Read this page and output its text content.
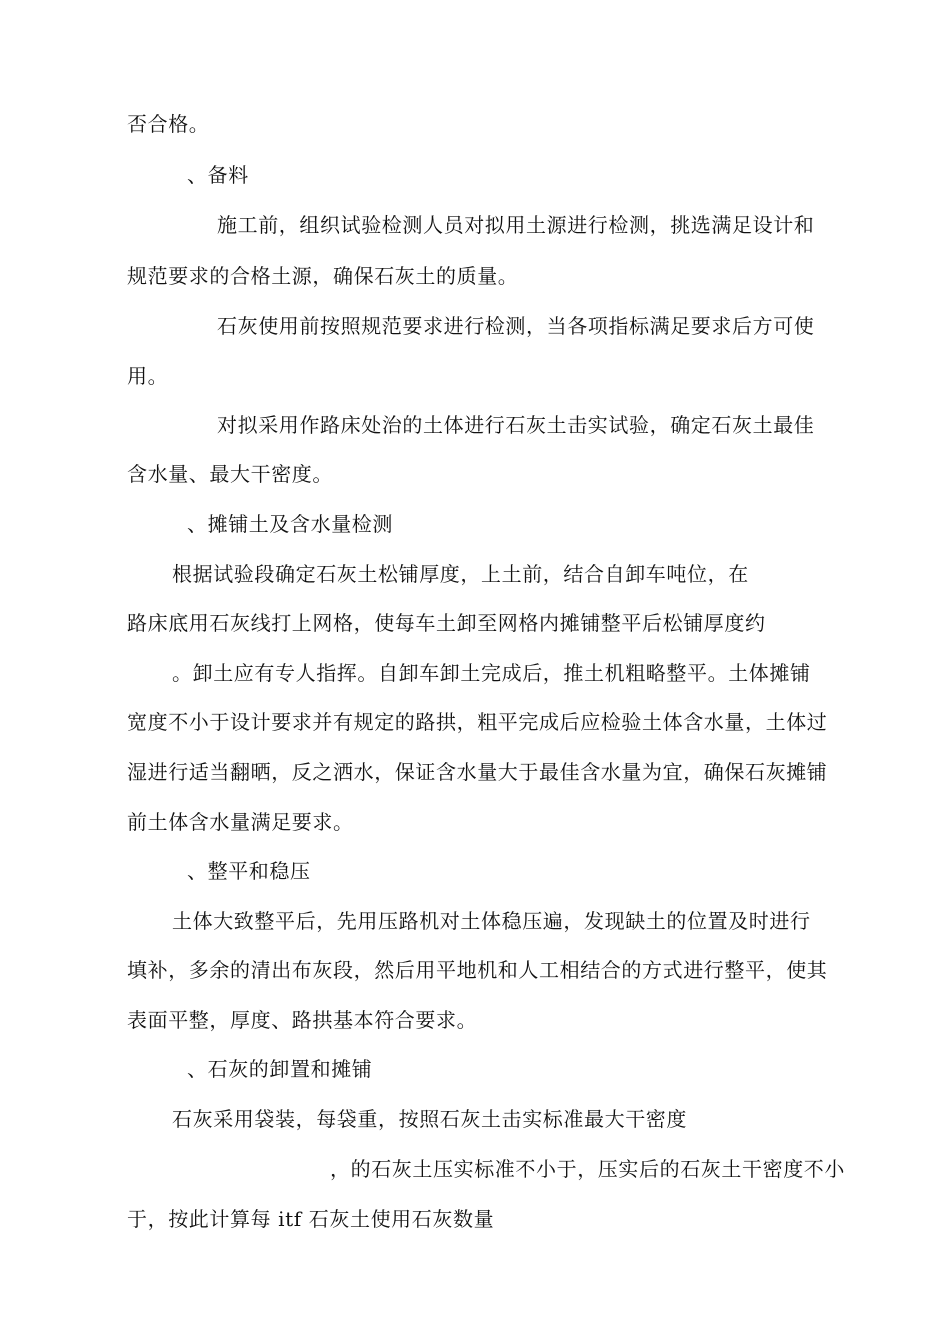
否合格。
、备料
施工前，组织试验检测人员对拟用土源进行检测，挑选满足设计和
规范要求的合格土源，确保石灰土的质量。
石灰使用前按照规范要求进行检测，当各项指标满足要求后方可使
用。
对拟采用作路床处治的土体进行石灰土击实试验，确定石灰土最佳
含水量、最大干密度。
、摊铺土及含水量检测
根据试验段确定石灰土松铺厚度，上土前，结合自卸车吨位，在
路床底用石灰线打上网格，使每车土卸至网格内摊铺整平后松铺厚度约
。卸土应有专人指挥。自卸车卸土完成后，推土机粗略整平。土体摊铺
宽度不小于设计要求并有规定的路拱，粗平完成后应检验土体含水量，土体过
湿进行适当翻晒，反之洒水，保证含水量大于最佳含水量为宜，确保石灰摊铺
前土体含水量满足要求。
、整平和稳压
土体大致整平后，先用压路机对土体稳压遍，发现缺土的位置及时进行
填补，多余的清出布灰段，然后用平地机和人工相结合的方式进行整平，使其
表面平整，厚度、路拱基本符合要求。
、石灰的卸置和摊铺
石灰采用袋装，每袋重，按照石灰土击实标准最大干密度
，的石灰土压实标准不小于，压实后的石灰土干密度不小
于，按此计算每 itf 石灰土使用石灰数量
